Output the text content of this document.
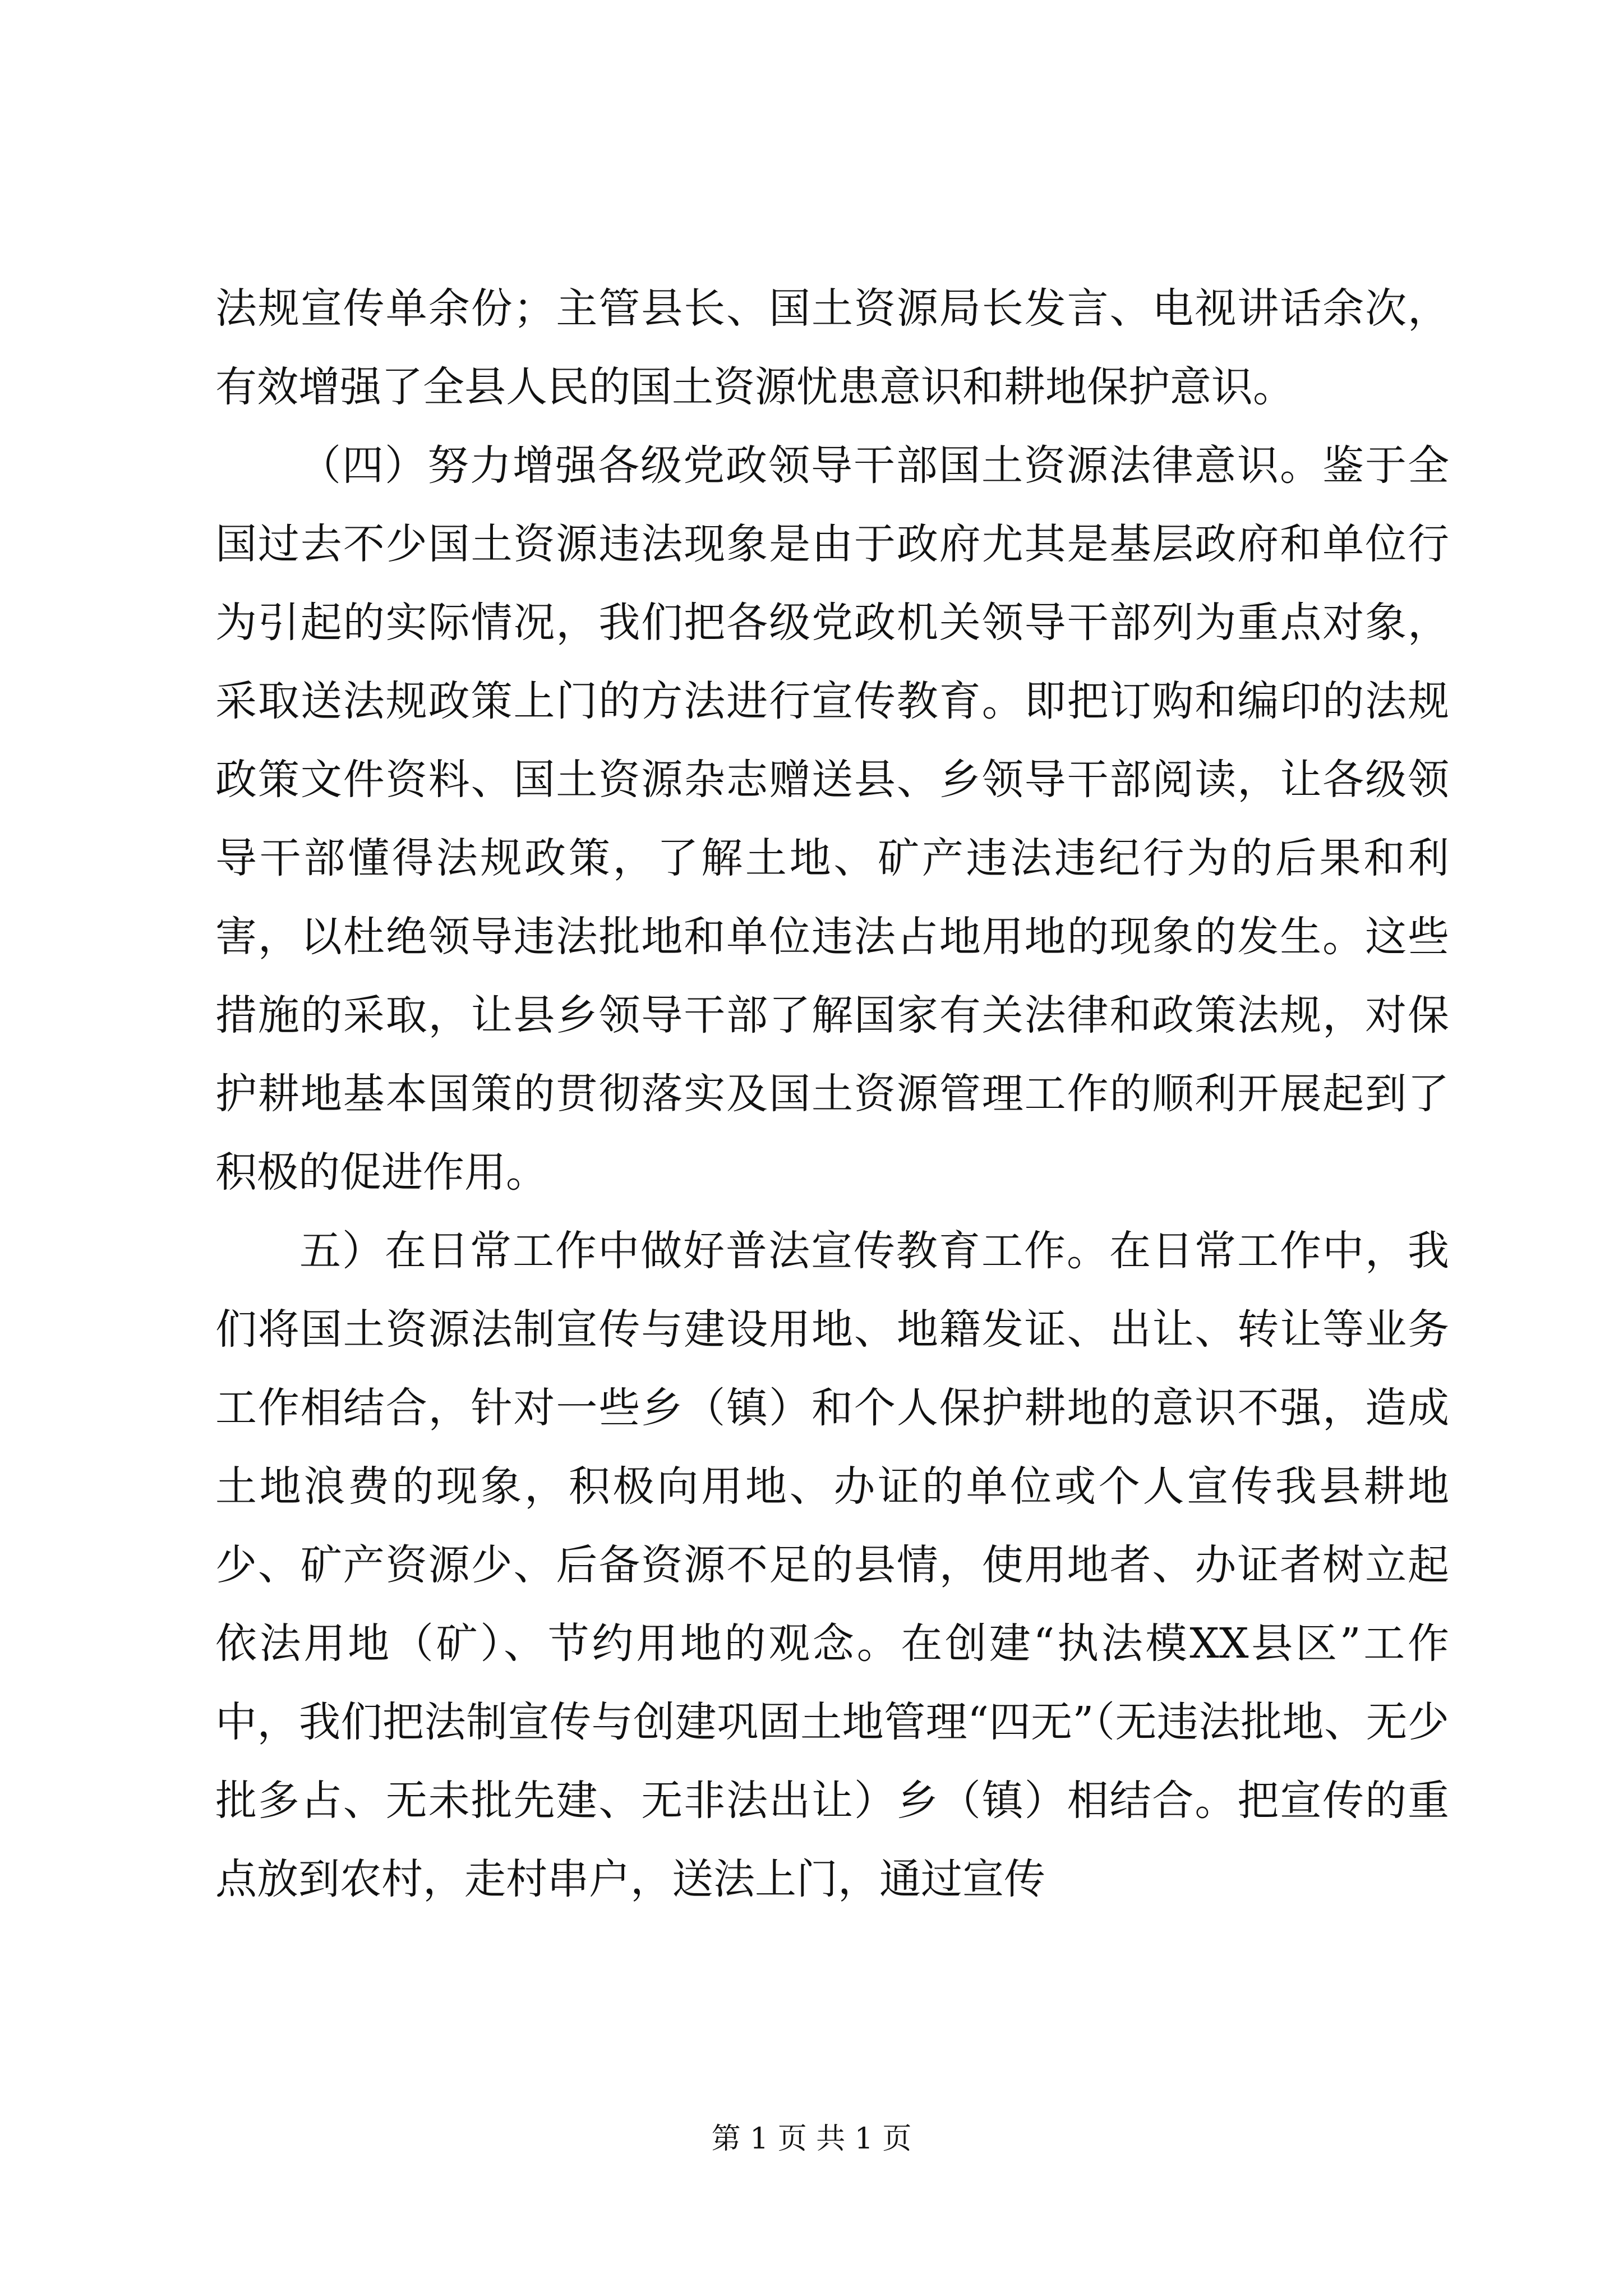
法规宣传单余份；主管县长、国土资源局长发言、电视讲话余次，有效增强了全县人民的国土资源忧患意识和耕地保护意识。

（四）努力增强各级党政领导干部国土资源法律意识。鉴于全国过去不少国土资源违法现象是由于政府尤其是基层政府和单位行为引起的实际情况，我们把各级党政机关领导干部列为重点对象，采取送法规政策上门的方法进行宣传教育。即把订购和编印的法规政策文件资料、国土资源杂志赠送县、乡领导干部阅读，让各级领导干部懂得法规政策，了解土地、矿产违法违纪行为的后果和利害，以杜绝领导违法批地和单位违法占地用地的现象的发生。这些措施的采取，让县乡领导干部了解国家有关法律和政策法规，对保护耕地基本国策的贯彻落实及国土资源管理工作的顺利开展起到了积极的促进作用。

五）在日常工作中做好普法宣传教育工作。在日常工作中，我们将国土资源法制宣传与建设用地、地籍发证、出让、转让等业务工作相结合，针对一些乡（镇）和个人保护耕地的意识不强，造成土地浪费的现象，积极向用地、办证的单位或个人宣传我县耕地少、矿产资源少、后备资源不足的县情，使用地者、办证者树立起依法用地（矿）、节约用地的观念。在创建“执法模XX县区”工作中，我们把法制宣传与创建巩固土地管理“四无”（无违法批地、无少批多占、无未批先建、无非法出让）乡（镇）相结合。把宣传的重点放到农村，走村串户，送法上门，通过宣传

第 1 页 共 1 页
